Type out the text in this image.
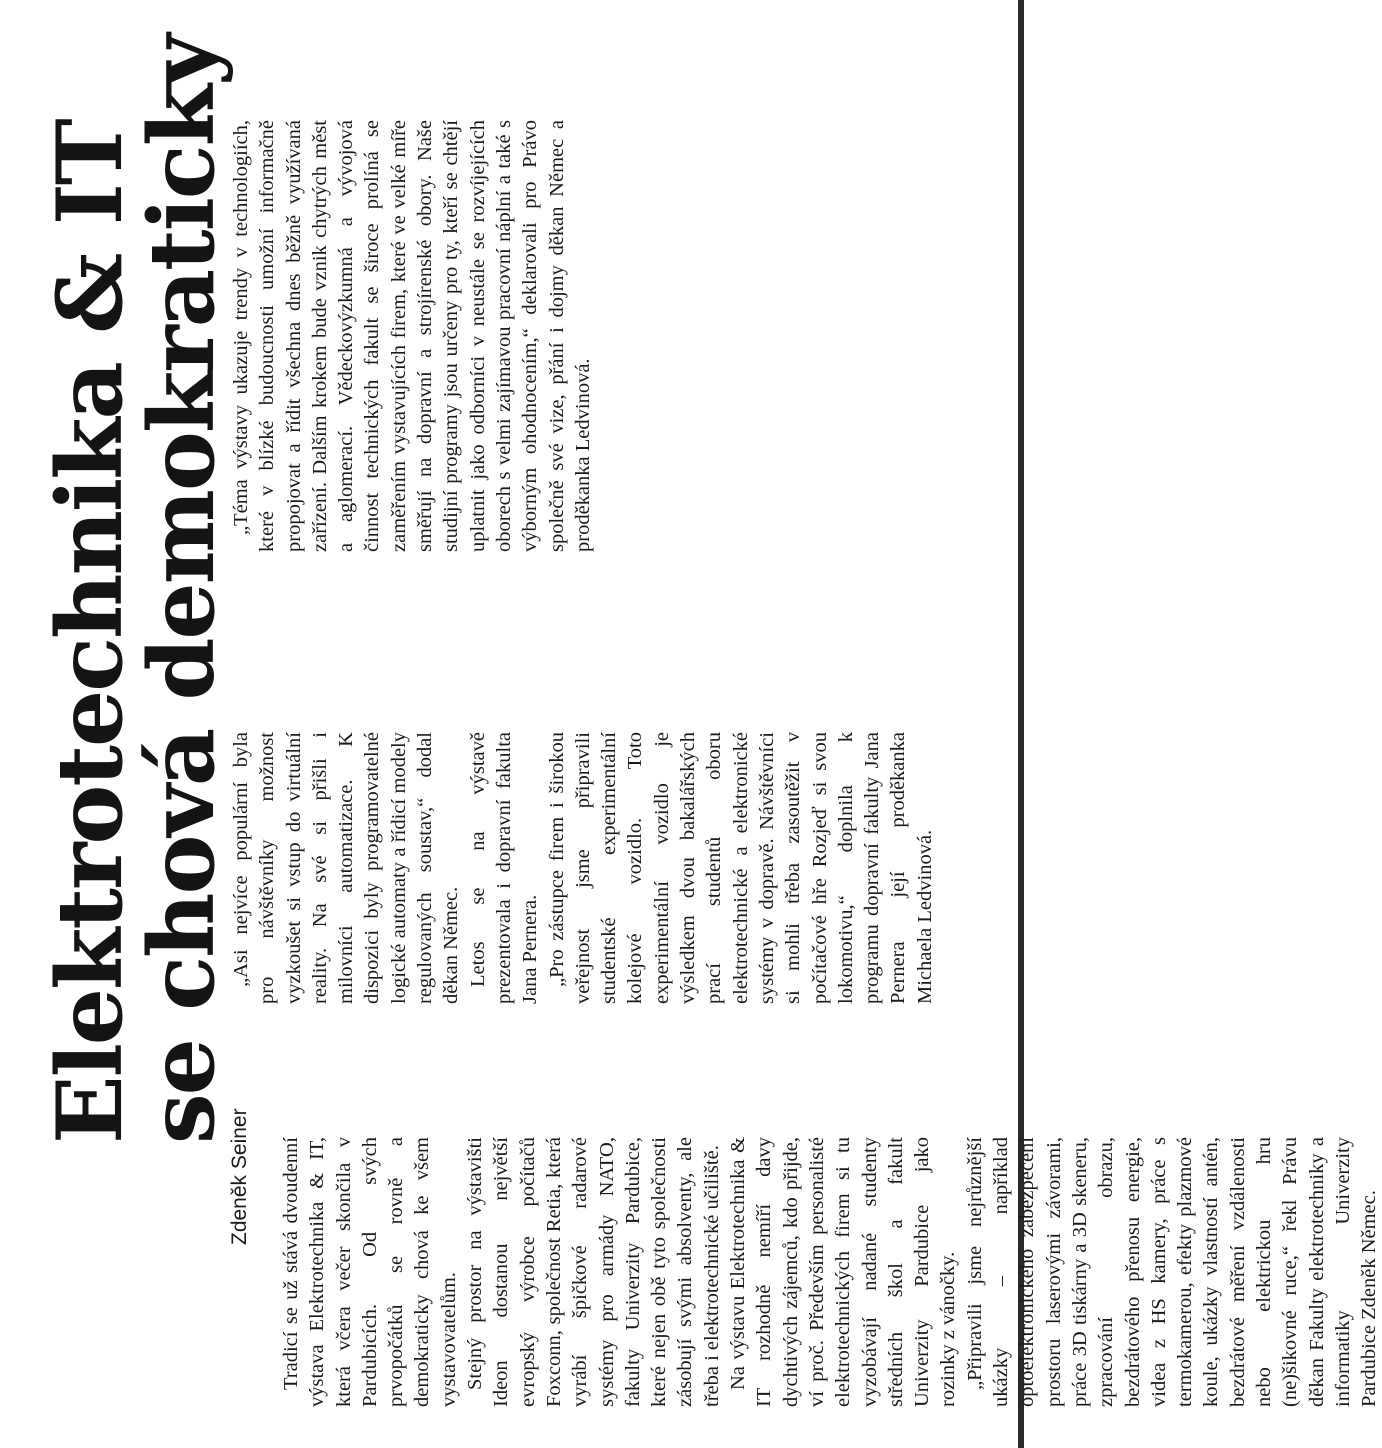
Elektrotechnika & IT
se chová demokraticky
Zdeněk Seiner Tradicí se už stává dvoudenní výstava Elektrotechnika & IT, která včera večer skončila v Pardubicích. Od svých prvopočátků se rovně a demokraticky chová ke všem vystavovatelům. Stejný prostor na výstavišti Ideon dostanou největší evropský výrobce počítačů Foxconn, společnost Retia, která vyrábí špičkové radarové systémy pro armády NATO, fakulty Univerzity Pardubice, které nejen obě tyto společnosti zásobují svými absolventy, ale třeba i elektrotechnické učiliště. Na výstavu Elektrotechnika & IT rozhodně nemíří davy dychtivých zájemců, kdo přijde, ví proč. Především personalisté elektrotechnických firem si tu vyzobávají nadané studenty středních škol a fakult Univerzity Pardubice jako rozinky z vánočky. „Připravili jsme nejrůznější ukázky – například optoelektronického zabezpečení prostoru laserovými závorami, práce 3D tiskárny a 3D skeneru, zpracování obrazu, bezdrátového přenosu energie, videa z HS kamery, práce s termokamerou, efekty plazmové koule, ukázky vlastností antén, bezdrátové měření vzdálenosti nebo elektrickou hru (ne)šikovné ruce,“ řekl Právu děkan Fakulty elektrotechniky a informatiky Univerzity Pardubice Zdeněk Němec.

„Asi nejvíce populární byla pro návštěvníky možnost vyzkoušet si vstup do virtuální reality. Na své si přišli i milovníci automatizace. K dispozici byly programovatelné logické automaty a řídicí modely regulovaných soustav,“ dodal děkan Němec. Letos se na výstavě prezentovala i dopravní fakulta Jana Pernera. „Pro zástupce firem i širokou veřejnost jsme připravili studentské experimentální kolejové vozidlo. Toto experimentální vozidlo je výsledkem dvou bakalářských prací studentů oboru elektrotechnické a elektronické systémy v dopravě. Návštěvníci si mohli třeba zasoutěžit v počítačové hře Rozjeď si svou lokomotivu,“ doplnila k programu dopravní fakulty Jana Pernera její proděkanka Michaela Ledvinová.

„Téma výstavy ukazuje trendy v technologiích, které v blízké budoucnosti umožní informačně propojovat a řídit všechna dnes běžně využívaná zařízení. Dalším krokem bude vznik chytrých měst a aglomerací. Vědeckovýzkumná a vývojová činnost technických fakult se široce prolíná se zaměřením vystavujících firem, které ve velké míře směřují na dopravní a strojírenské obory. Naše studijní programy jsou určeny pro ty, kteří se chtějí uplatnit jako odborníci v neustále se rozvíjejících oborech s velmi zajímavou pracovní náplní a také s výborným ohodnocením,“ deklarovali pro Právo společně své vize, přání i dojmy děkan Němec a proděkanka Ledvinová.
